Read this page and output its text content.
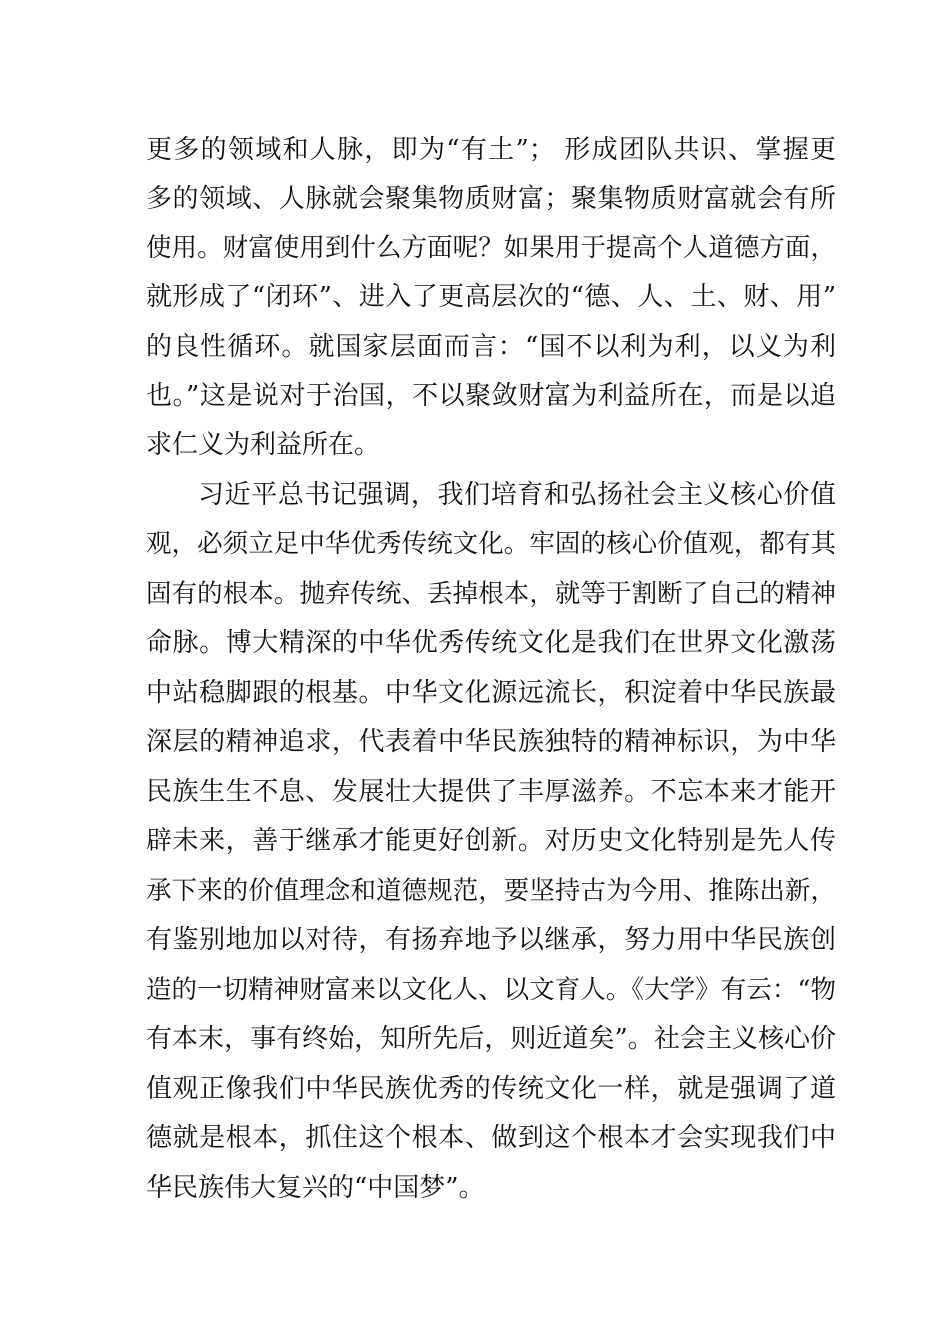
更多的领域和人脉，即为“有土”； 形成团队共识、掌握更
多的领域、人脉就会聚集物质财富；聚集物质财富就会有所
使用。财富使用到什么方面呢？如果用于提高个人道德方面，
就形成了“闭环”、进入了更高层次的“德、人、土、财、用”
的良性循环。就国家层面而言：“国不以利为利，以义为利
也。”这是说对于治国，不以聚敛财富为利益所在，而是以追
求仁义为利益所在。
习近平总书记强调，我们培育和弘扬社会主义核心价值
观，必须立足中华优秀传统文化。牢固的核心价值观，都有其
固有的根本。抛弃传统、丢掉根本，就等于割断了自己的精神
命脉。博大精深的中华优秀传统文化是我们在世界文化激荡
中站稳脚跟的根基。中华文化源远流长，积淀着中华民族最
深层的精神追求，代表着中华民族独特的精神标识，为中华
民族生生不息、发展壮大提供了丰厚滋养。不忘本来才能开
辟未来，善于继承才能更好创新。对历史文化特别是先人传
承下来的价值理念和道德规范，要坚持古为今用、推陈出新，
有鉴别地加以对待，有扬弃地予以继承，努力用中华民族创
造的一切精神财富来以文化人、以文育人。《大学》有云：“物
有本末，事有终始，知所先后，则近道矣”。社会主义核心价
值观正像我们中华民族优秀的传统文化一样，就是强调了道
德就是根本，抓住这个根本、做到这个根本才会实现我们中
华民族伟大复兴的“中国梦”。
